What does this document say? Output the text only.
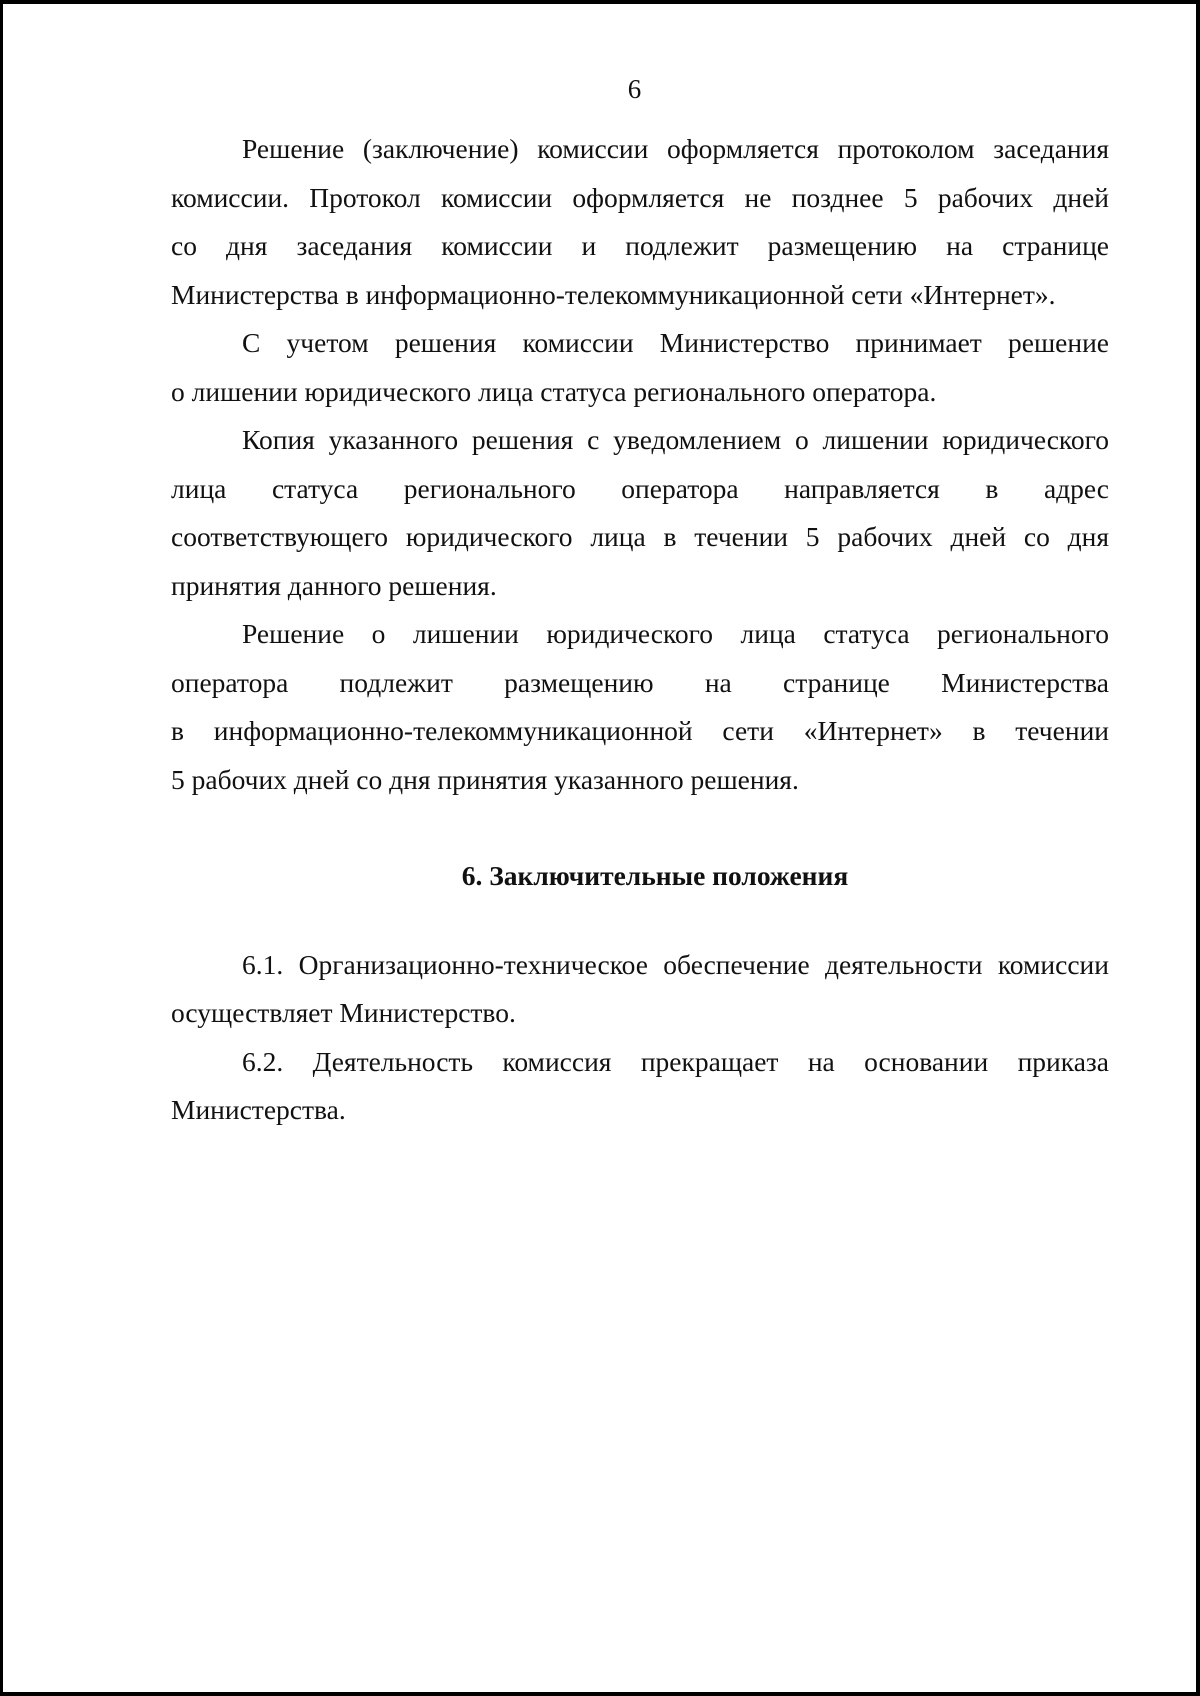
6
Решение (заключение) комиссии оформляется протоколом заседания
комиссии. Протокол комиссии оформляется не позднее 5 рабочих дней
со дня заседания комиссии и подлежит размещению на странице
Министерства в информационно-телекоммуникационной сети «Интернет».
С учетом решения комиссии Министерство принимает решение
о лишении юридического лица статуса регионального оператора.
Копия указанного решения с уведомлением о лишении юридического
лица статуса регионального оператора направляется в адрес
соответствующего юридического лица в течении 5 рабочих дней со дня
принятия данного решения.
Решение о лишении юридического лица статуса регионального
оператора подлежит размещению на странице Министерства
в информационно-телекоммуникационной сети «Интернет» в течении
5 рабочих дней со дня принятия указанного решения.
6. Заключительные положения
6.1. Организационно-техническое обеспечение деятельности комиссии
осуществляет Министерство.
6.2. Деятельность комиссия прекращает на основании приказа
Министерства.
